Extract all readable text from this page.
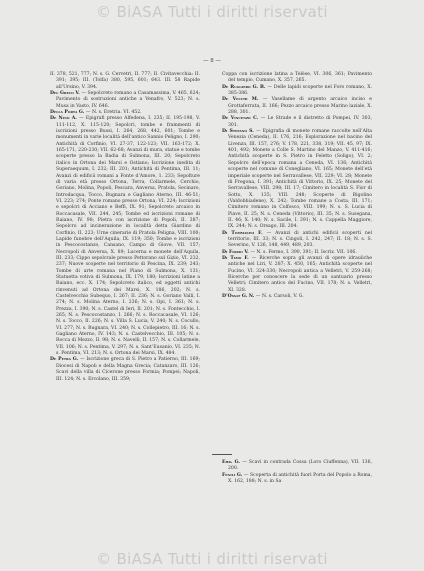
© BiASA Tutti i diritti riservati
— 8 —
II. 378, 521, 777; N. s. G. Cervetri, II. 777; II. Civitavecchia: II. 391; 395; III. (Tolfa) 380, 595, 601; 643. III. 58 Rapide all’Ursino, V. 394.
Del Greco V. — Sepolcreto romano a Casamassima, V. 465, 624; Pavimento di sostruzioni antiche a Venafro, V. 523; N. s. Musa in Vasto, IV. 646.
Della Porta G. — N. s. Eretria. VI. 452.
De Nino A. — Epigrafi presso Alfedena, I. 235; II. 195-198, V. 111-112, X. 115-120; Sepolcri, tombe e frammenti di iscrizioni presso Bussi, I. 264, 268, 442, 601; Tombe e monumenti in varie località dell’antico Sannio Peligno, I. 290; Antichità di Corfinio, VI. 27-37, 122-123; VII. 163-172; X. 165-171, 220-230; VII. 62-68; Avanzi di mura, statue e tombe scoperte presso la Badia di Sulmona, III. 20; Sepolcreto italico in Ortona dei Marsi e Ostiano; Iscrizione inedita di Superaequum, I. 232; III. 201; Antichità di Pentima, III. 11; Avanzi di edificii romani a Fonte d’Amore, 1. 233; Sepolture di varia età presso Ortona, Terra, Collarmele, Cerchio, Goriano, Molina, Popoli, Pescara, Anversa, Pratola, Secinaro, Introdacqua, Tocco, Bugnara e Gagliano Aterno, III. 46-51; VI. 223; 274; Ponte romano presso Ortona, VI. 224; Iscrizioni e sepolcri di Acciano e Beffi, IX. 91; Sepolcreto arcaico in Roccacasale, VII. 244, 245; Tombe ed iscrizioni romane di Raiano, IV. 98; Pietra con iscrizione di Popoli, II. 387; Sepolcro ad incinerazione in località detta Giardino di Corfinio, II. 223; Urne cinerarie di Pratola Peligna, VIII. 100; Lapide funebre dell’Aquila, IX. 119; 350; Tombe e iscrizioni in Pescocostanzo, Cansano, Campo di Giove, VII. 157; Necropoli di Anversa, X. 89; Lucerna e monete dell’Aquila, III. 233; Cippo sepolcrale presso Pettorano sul Gizio, VI. 232, 237; Nuove scoperte nel territorio di Pescina, IX. 239; 243; Tombe di arte romana nel Piano di Sulmona, X. 131; Statuetta votiva di Sulmona, IX. 179, 180; Iscrizioni latine a Raiano, ecc. X. 174; Sepolcreto italico, ed oggetti antichi rinvenuti ad Ortona dei Marsi, X. 186, 202; N. s. Castelvecchio Subequo, I. 267; II. 236; N. s. Goriano Valli, I. 274; N. s. Molina Aterno, I. 236; N. s. Opi, I. 361; N. s. Prezza, I. 390; N. s. Castel di Ieri, II. 201; N. s. Fontecchio, I. 265; N. s. Pescocostanzo, I. 266; N. s. Roccacasale, VI. 126; N. s. Tocco, II. 226; N. s. Villa S. Lucia, V. 240; N. s. Cocullo, VI. 277; N. s. Bugnara, VI. 240; N. s. Collepietro, III. 16; N. s. Gagliano Aterno, IV. 143; N. s. Castelvecchio, III. 105; N. s. Rocca di Mezzo, II. 98; N. s. Navelli, II. 157; N. s. Collarmele, VII. 106; N. s. Pentima, V. 297; N. s. Sant’Eusanio, VI. 235; N. s. Pentima, VI. 213; N. s. Ortona dei Marsi, IX. 484.
De Petra G. — Iscrizione greca di S. Pietro a Patierno, III. 169; Diocesi di Napoli e della Magna Grecia; Catanzaro, III. 126; Scavi della villa di Cicerone presso Formia; Pompei; Napoli, III. 124; N. s. Ercolano, III. 359;
Coppa con iscrizione latina a Telèse, VI. 306, 361; Pavimento del tempio, Cumano, X. 357, 265.
De Ruggiero G. B. — Delle lapidi scoperte nel Foro romano, X. 385-386.
De Vecchi M. — Vasellame di argento arcaico inciso e Grottaferrata, II. 166; Pezzo arcaico presso Marino laziale, X. 288, 301.
De Vincenzo C. — Le Strade e il distretto di Pompei, IV. 303, 301.
Di Stefano S. — Epigrafia di monete romane raccolte nell’Alta Venezia (Ceneda), II. 176, 216; Esplorazione nel bacino del Livenza, III. 157, 276; V. 178, 221, 338, 319; VII. 45, 97; IX. 401, 492; Monete a Colle S. Martino del Manzo, V. 411-416; Antichità scoperte in S. Pietro in Feletto (Soligo), VI. 2; Sepolcro dell’epoca romana a Ceneda, VI. 136; Antichità scoperte nel comune di Conegliano, VI. 165; Monete dell’età imperiale scoperte nel Serravallese, VII. 229; VI. 28; Monete di Fregona, I. 391; Antichità di Vittorio, IX. 25; Monete del Serravallese, VIII. 298; III. 17; Cimitero in località S. Fior di Sotto, X. 135; VIII. 248; Scoperte di Bigolino (Valdobbiadene), X. 242; Tombe romane a Costa, III. 171; Cimitero romano in Colfosco, VIII. 199; N. s. S. Lucia di Piave, II. 25; N. s. Ceneda (Vittorio), III. 35; N. s. Susegana, II. 46; X. 140; N. s. Sacile, I. 391; N. s. Cappella Maggiore, IX. 244; N. s. Orsago, III. 204.
Di Tommasini F. — Avanzi di antichi edificii scoperti nel territorio, III. 33; N. s. Cingoli, I. 242, 247; II. 18; N. s. S. Severino, V. 126, 148, 449, 489, 203.
Di Fiorio V. — N. s. Fermo, I. 390, 391; II. Iscriz. VII. 106.
Di Tizio F. — Ricerche sopra gli avanzi di opere idrauliche antiche nel Liri, V. 287; X. 450, 165; Antichità scoperte nel Fucino, VI. 324-330; Necropoli antica a Velletri, V. 259-268; Ricerche per conoscere la sede di un santuario presso Velletri; Cimitero antico del Fucino, VII. 178; N. s. Velletri, XI. 328.
D’Ossat G. N. — N. s. Carsoli, V. G.
Ehr. G. — Scavi in contrada Cossa (Loro Ciuffenna), VII. 136, 200.
Fenili G. — Scoperta di antichità fuori Porta del Popolo a Roma, X. 162, 188; N. s. in Sa
© BiASA Tutti i diritti riservati
